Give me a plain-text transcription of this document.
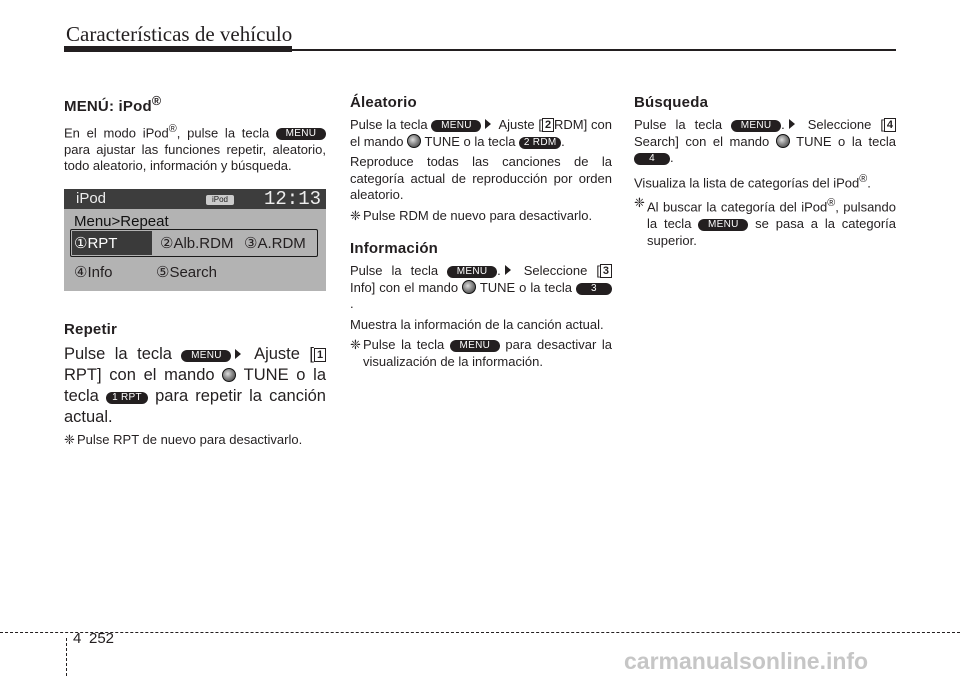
Características de vehículo
MENÚ: iPod®

En el modo iPod®, pulse la tecla MENU para ajustar las funciones repetir, aleatorio, todo aleatorio, información y búsqueda.

iPod	iPod	12:13
Menu>Repeat
①RPT	②Alb.RDM ③A.RDM
④Info	⑤Search
Repetir

Pulse la tecla MENU Ajuste [ 1 RPT] con el mando TUNE o la tecla 1 RPT para repetir la canción actual.

❈ Pulse RPT de nuevo para desactivarlo.
Áleatorio

Pulse la tecla MENU Ajuste [ 2 RDM] con el mando TUNE o la tecla 2 RDM .

Reproduce todas las canciones de la categoría actual de reproducción por orden aleatorio.

❈ Pulse RDM de nuevo para desactivarlo.
Información

Pulse la tecla MENU . Seleccione [ 3 Info] con el mando TUNE o la tecla 3.

Muestra la información de la canción actual.

❈ Pulse la tecla MENU para desactivar la visualización de la información.
Búsqueda

Pulse la tecla MENU . Seleccione [ 4 Search] con el mando TUNE o la tecla 4 .

Visualiza la lista de categorías del iPod®.

❈ Al buscar la categoría del iPod®, pulsando la tecla MENU se pasa a la categoría superior.
4 252
carmanualsonline.info
